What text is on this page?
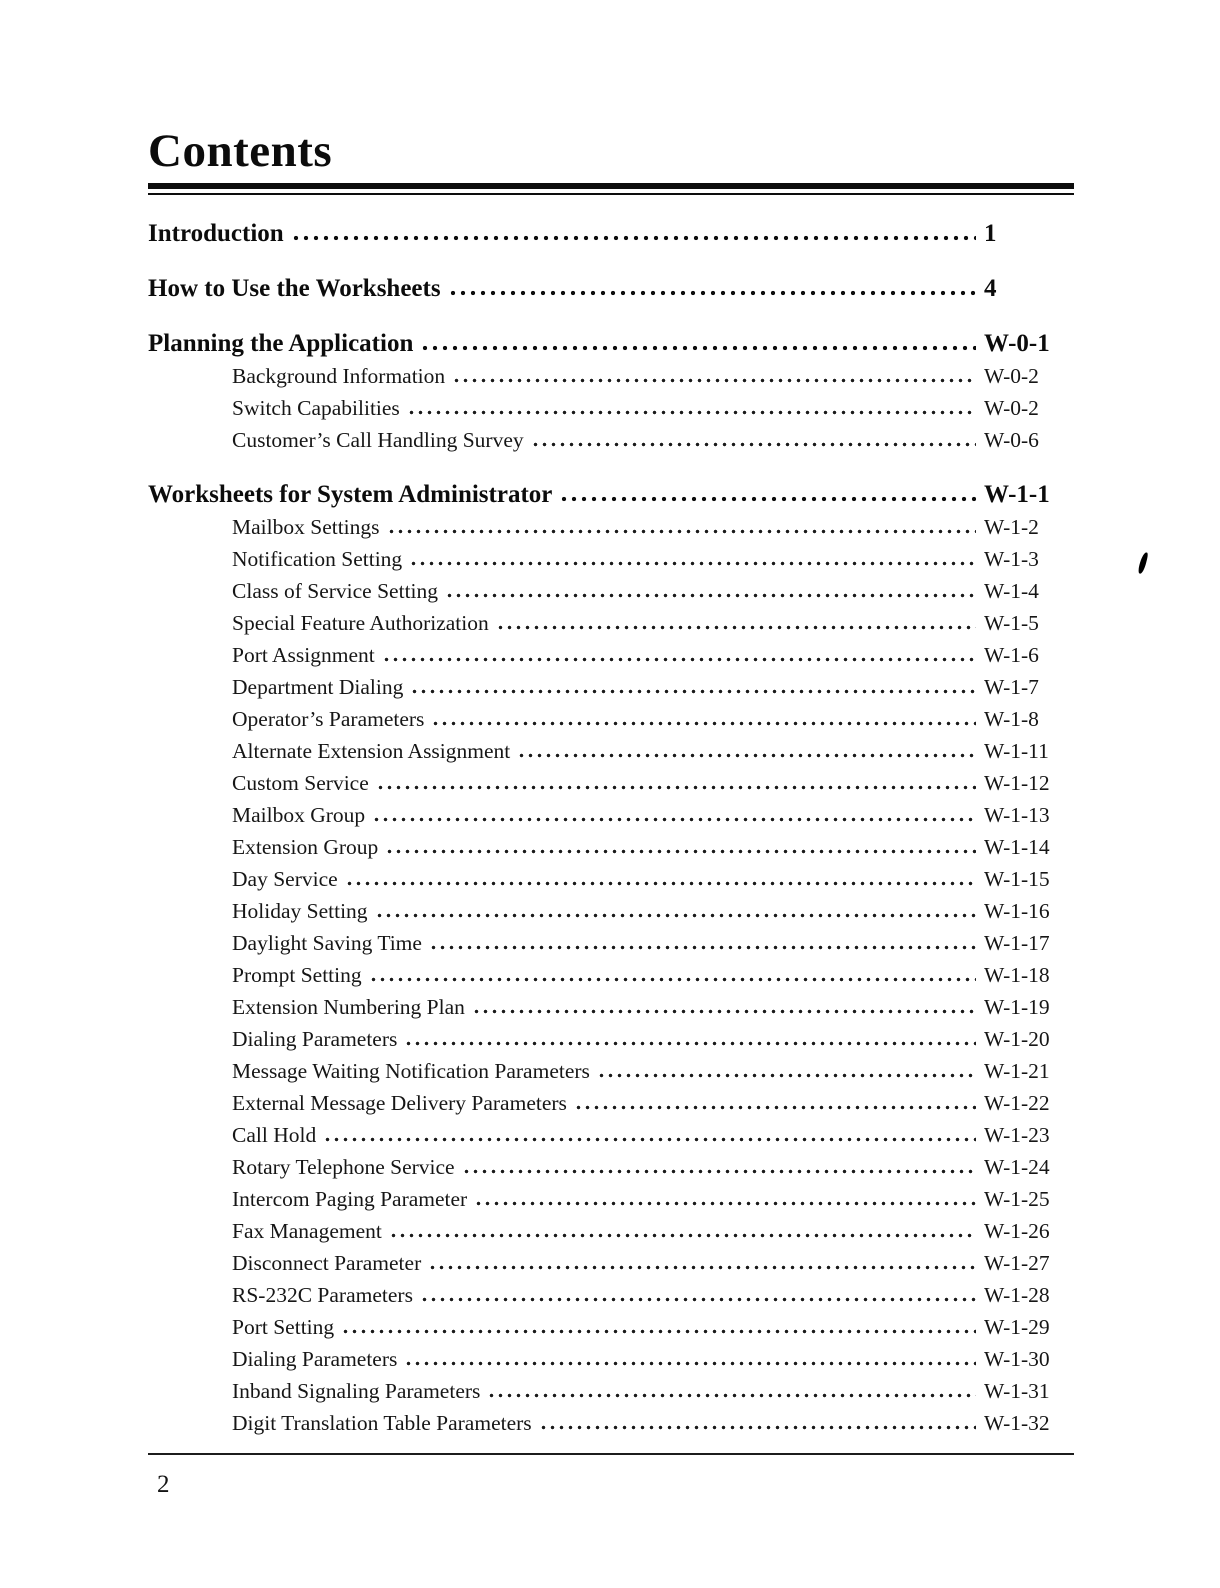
Contents
Introduction	1
How to Use the Worksheets	4
Planning the Application	W-0-1
Background Information	W-0-2
Switch Capabilities	W-0-2
Customer’s Call Handling Survey	W-0-6
Worksheets for System Administrator	W-1-1
Mailbox Settings	W-1-2
Notification Setting	W-1-3
Class of Service Setting	W-1-4
Special Feature Authorization	W-1-5
Port Assignment	W-1-6
Department Dialing	W-1-7
Operator’s Parameters	W-1-8
Alternate Extension Assignment	W-1-11
Custom Service	W-1-12
Mailbox Group	W-1-13
Extension Group	W-1-14
Day Service	W-1-15
Holiday Setting	W-1-16
Daylight Saving Time	W-1-17
Prompt Setting	W-1-18
Extension Numbering Plan	W-1-19
Dialing Parameters	W-1-20
Message Waiting Notification Parameters	W-1-21
External Message Delivery Parameters	W-1-22
Call Hold	W-1-23
Rotary Telephone Service	W-1-24
Intercom Paging Parameter	W-1-25
Fax Management	W-1-26
Disconnect Parameter	W-1-27
RS-232C Parameters	W-1-28
Port Setting	W-1-29
Dialing Parameters	W-1-30
Inband Signaling Parameters	W-1-31
Digit Translation Table Parameters	W-1-32
2
